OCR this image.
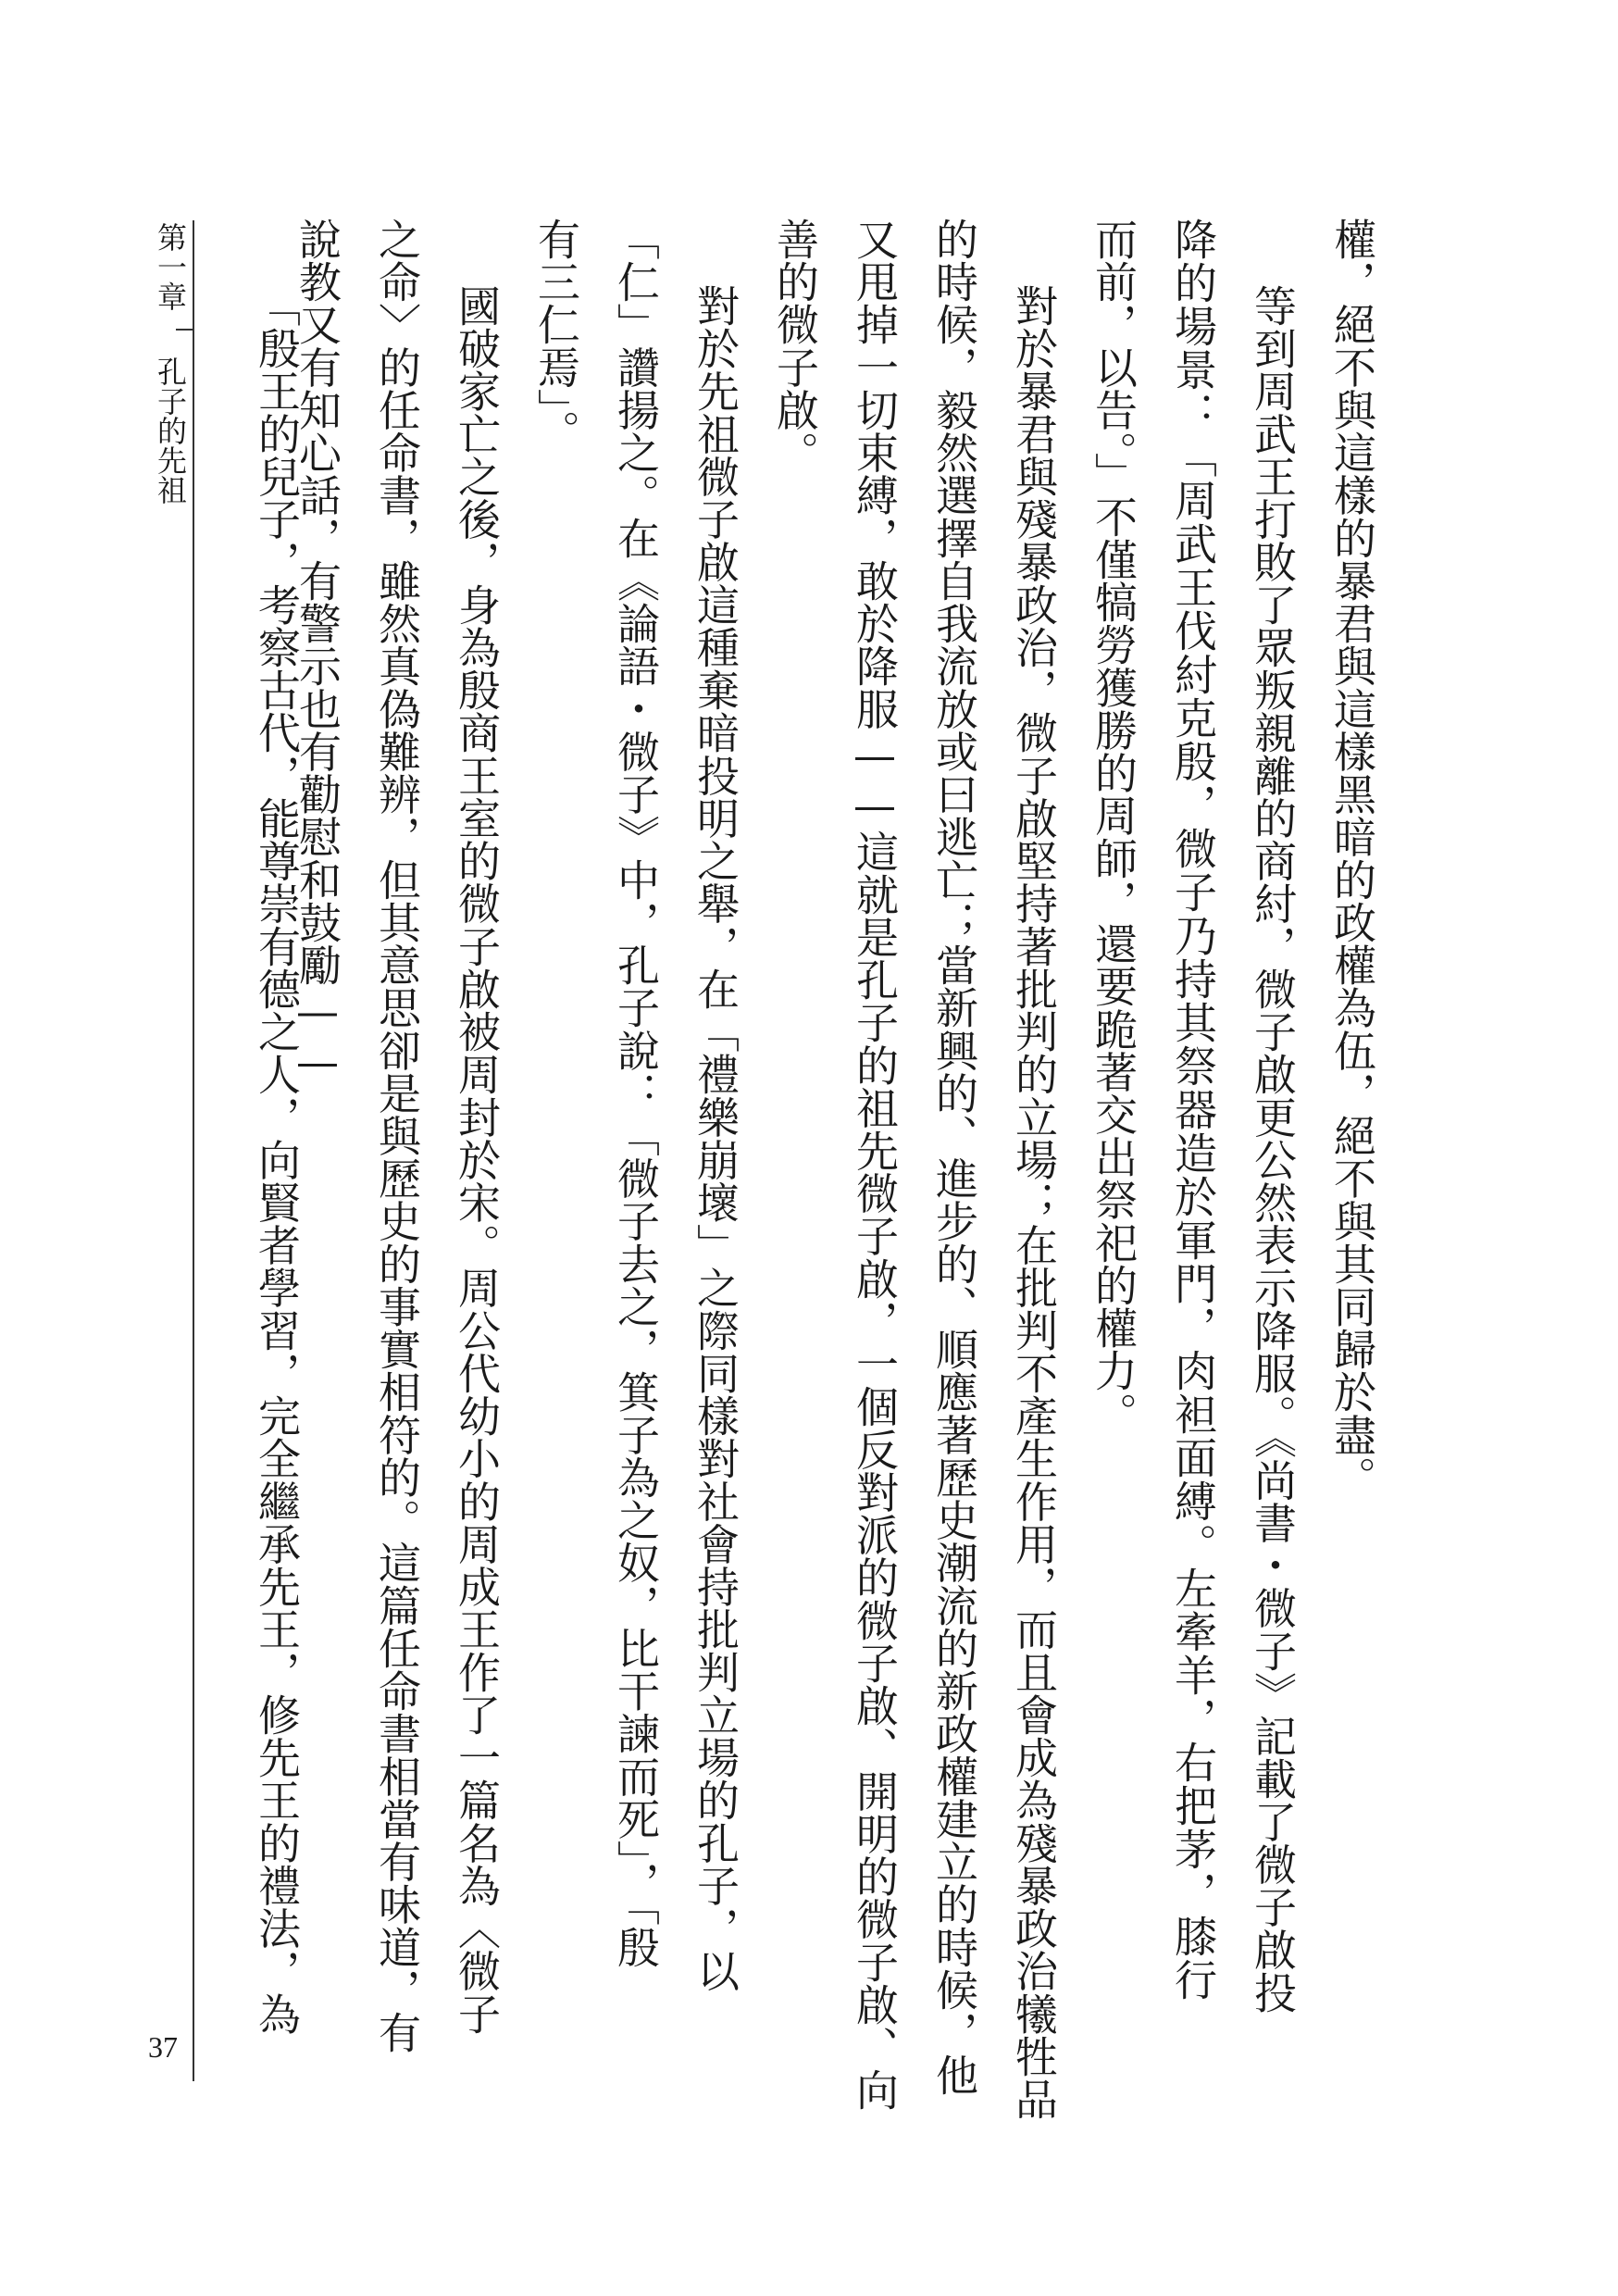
權，絕不與這樣的暴君與這樣黑暗的政權為伍，絕不與其同歸於盡。
等到周武王打敗了眾叛親離的商紂，微子啟更公然表示降服。《尚書・微子》記載了微子啟投
降的場景：「周武王伐紂克殷，微子乃持其祭器造於軍門，肉袒面縛。左牽羊，右把茅，膝行
而前，以告。」不僅犒勞獲勝的周師，還要跪著交出祭祀的權力。
對於暴君與殘暴政治，微子啟堅持著批判的立場；在批判不產生作用，而且會成為殘暴政治犧牲品
的時候，毅然選擇自我流放或曰逃亡；當新興的、進步的、順應著歷史潮流的新政權建立的時候，他
又甩掉一切束縛，敢於降服——這就是孔子的祖先微子啟，一個反對派的微子啟、開明的微子啟、向
善的微子啟。
對於先祖微子啟這種棄暗投明之舉，在「禮樂崩壞」之際同樣對社會持批判立場的孔子，以
「仁」讚揚之。在《論語・微子》中，孔子說：「微子去之，箕子為之奴，比干諫而死」，「殷
有三仁焉」。
國破家亡之後，身為殷商王室的微子啟被周封於宋。周公代幼小的周成王作了一篇名為〈微子
之命〉的任命書，雖然真偽難辨，但其意思卻是與歷史的事實相符的。這篇任命書相當有味道，有
說教又有知心話，有警示也有勸慰和鼓勵——
「殷王的兒子，考察古代，能尊崇有德之人，向賢者學習，完全繼承先王，修先王的禮法，為
第一章
孔子的先祖
37
